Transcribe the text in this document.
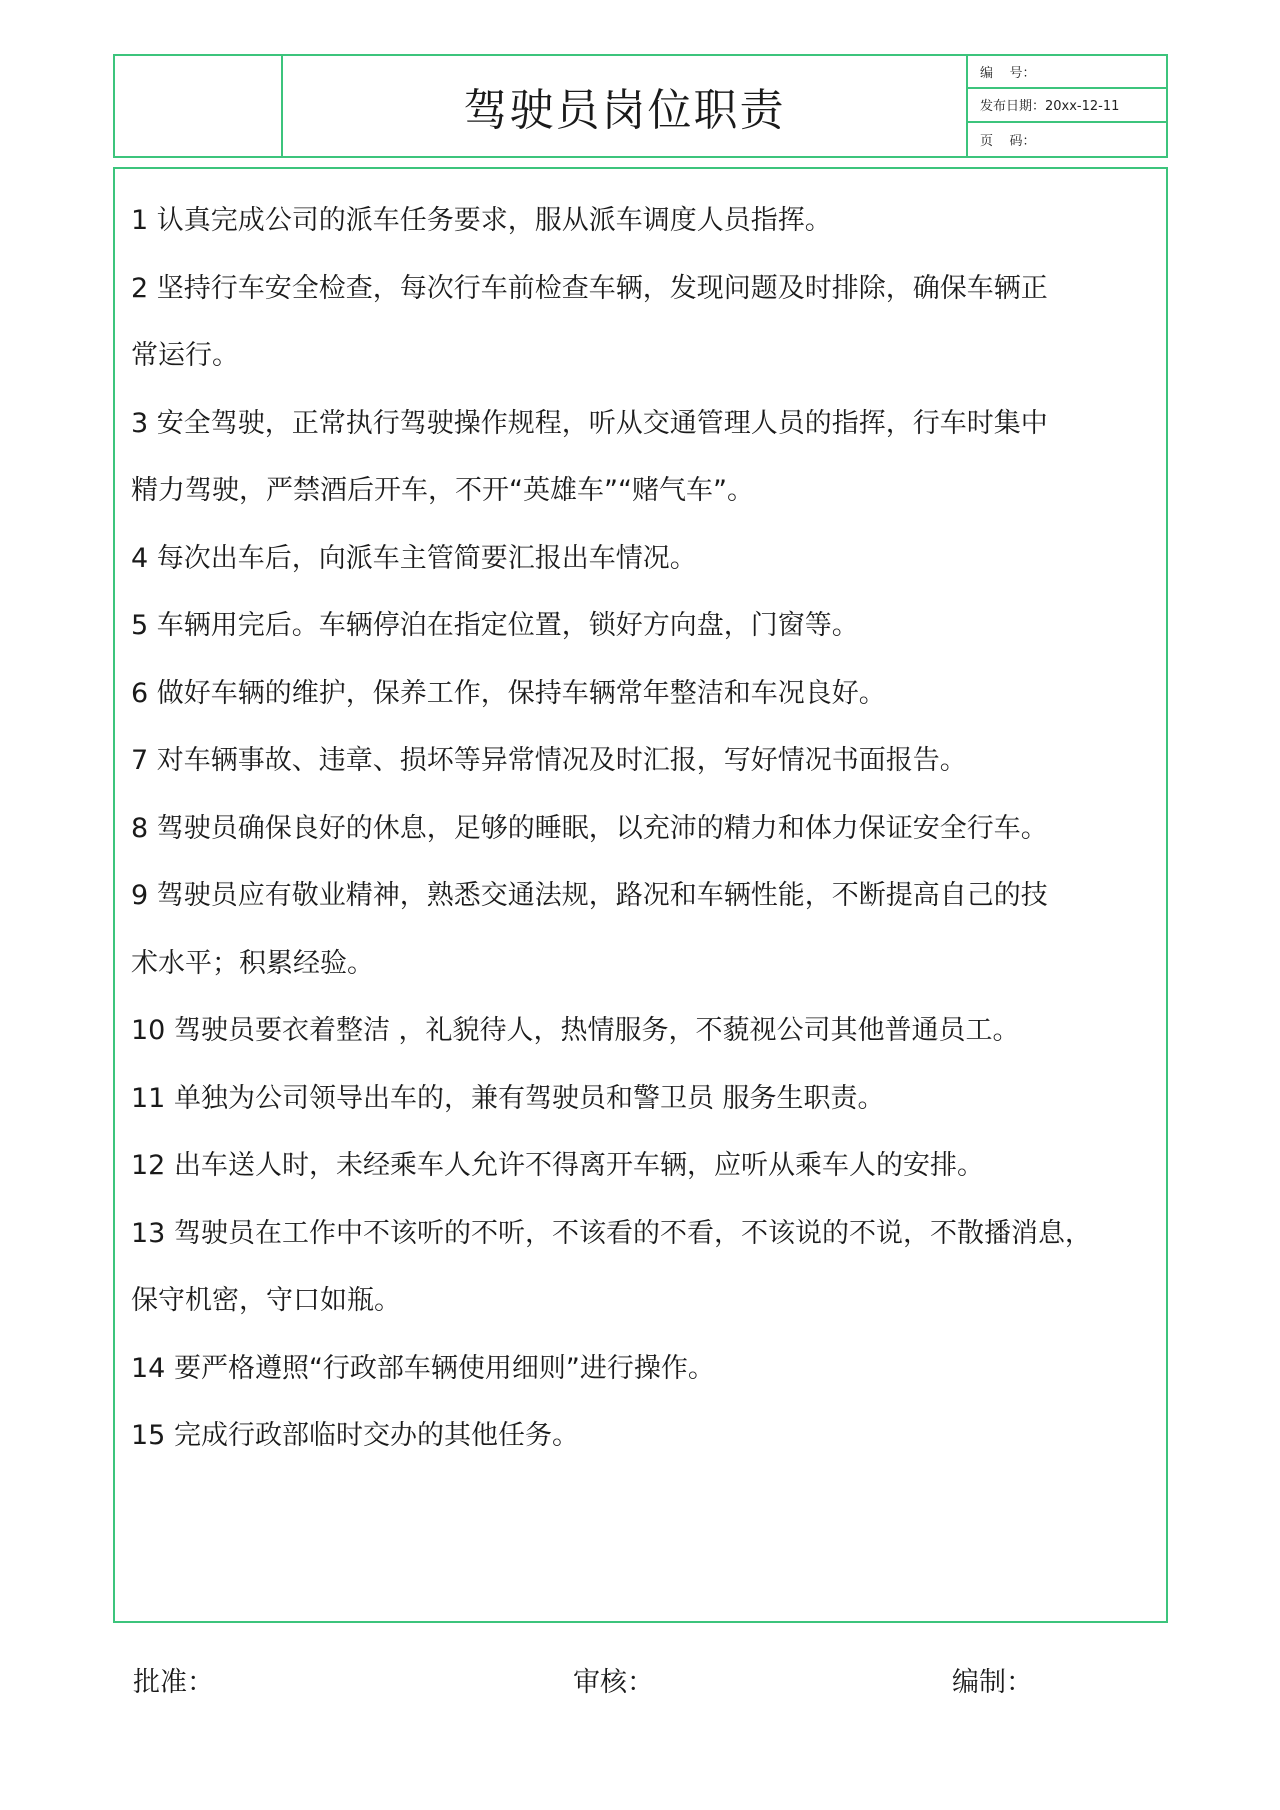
驾驶员岗位职责
编    号：
发布日期：20xx-12-11
页    码：

1 认真完成公司的派车任务要求，服从派车调度人员指挥。

2 坚持行车安全检查，每次行车前检查车辆，发现问题及时排除，确保车辆正

常运行。

3 安全驾驶，正常执行驾驶操作规程，听从交通管理人员的指挥，行车时集中

精力驾驶，严禁酒后开车，不开“英雄车”“赌气车”。

4 每次出车后，向派车主管简要汇报出车情况。

5 车辆用完后。车辆停泊在指定位置，锁好方向盘，门窗等。

6 做好车辆的维护，保养工作，保持车辆常年整洁和车况良好。

7 对车辆事故、违章、损坏等异常情况及时汇报，写好情况书面报告。

8 驾驶员确保良好的休息，足够的睡眠，以充沛的精力和体力保证安全行车。

9 驾驶员应有敬业精神，熟悉交通法规，路况和车辆性能，不断提高自己的技

术水平；积累经验。

10 驾驶员要衣着整洁 ，礼貌待人，热情服务，不藐视公司其他普通员工。

11 单独为公司领导出车的，兼有驾驶员和警卫员 服务生职责。

12 出车送人时，未经乘车人允许不得离开车辆，应听从乘车人的安排。

13 驾驶员在工作中不该听的不听，不该看的不看，不该说的不说，不散播消息，

保守机密，守口如瓶。

14 要严格遵照“行政部车辆使用细则”进行操作。

15 完成行政部临时交办的其他任务。

批准：	审核：	编制：
